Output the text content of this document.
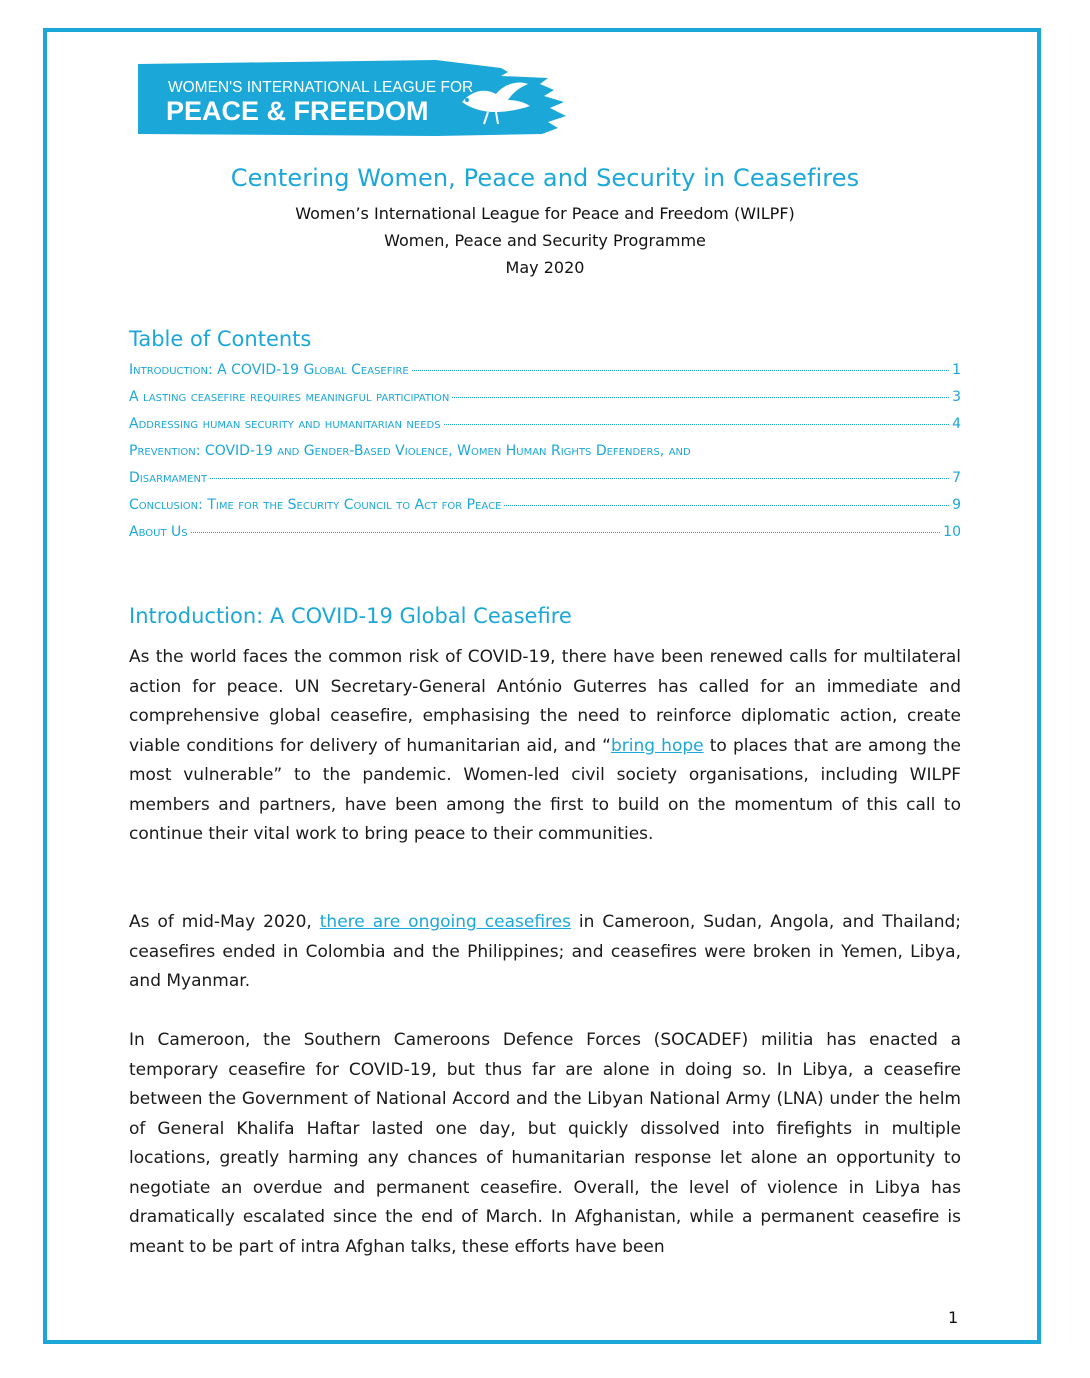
WOMEN'S INTERNATIONAL LEAGUE FOR
PEACE & FREEDOM
Centering Women, Peace and Security in Ceasefires
Women’s International League for Peace and Freedom (WILPF)
Women, Peace and Security Programme
May 2020
Table of Contents
Introduction: A COVID-19 Global Ceasefire	1
A lasting ceasefire requires meaningful participation	3
Addressing human security and humanitarian needs	4
Prevention: COVID-19 and Gender-Based Violence, Women Human Rights Defenders, and
Disarmament	7
Conclusion: Time for the Security Council to Act for Peace	9
About Us	10
Introduction: A COVID-19 Global Ceasefire
As the world faces the common risk of COVID-19, there have been renewed calls for multilateral action for peace. UN Secretary-General António Guterres has called for an immediate and comprehensive global ceasefire, emphasising the need to reinforce diplomatic action, create viable conditions for delivery of humanitarian aid, and “bring hope to places that are among the most vulnerable” to the pandemic. Women-led civil society organisations, including WILPF members and partners, have been among the first to build on the momentum of this call to continue their vital work to bring peace to their communities.
As of mid-May 2020, there are ongoing ceasefires in Cameroon, Sudan, Angola, and Thailand; ceasefires ended in Colombia and the Philippines; and ceasefires were broken in Yemen, Libya, and Myanmar.
In Cameroon, the Southern Cameroons Defence Forces (SOCADEF) militia has enacted a temporary ceasefire for COVID-19, but thus far are alone in doing so. In Libya, a ceasefire between the Government of National Accord and the Libyan National Army (LNA) under the helm of General Khalifa Haftar lasted one day, but quickly dissolved into firefights in multiple locations, greatly harming any chances of humanitarian response let alone an opportunity to negotiate an overdue and permanent ceasefire. Overall, the level of violence in Libya has dramatically escalated since the end of March. In Afghanistan, while a permanent ceasefire is meant to be part of intra Afghan talks, these efforts have been
1
